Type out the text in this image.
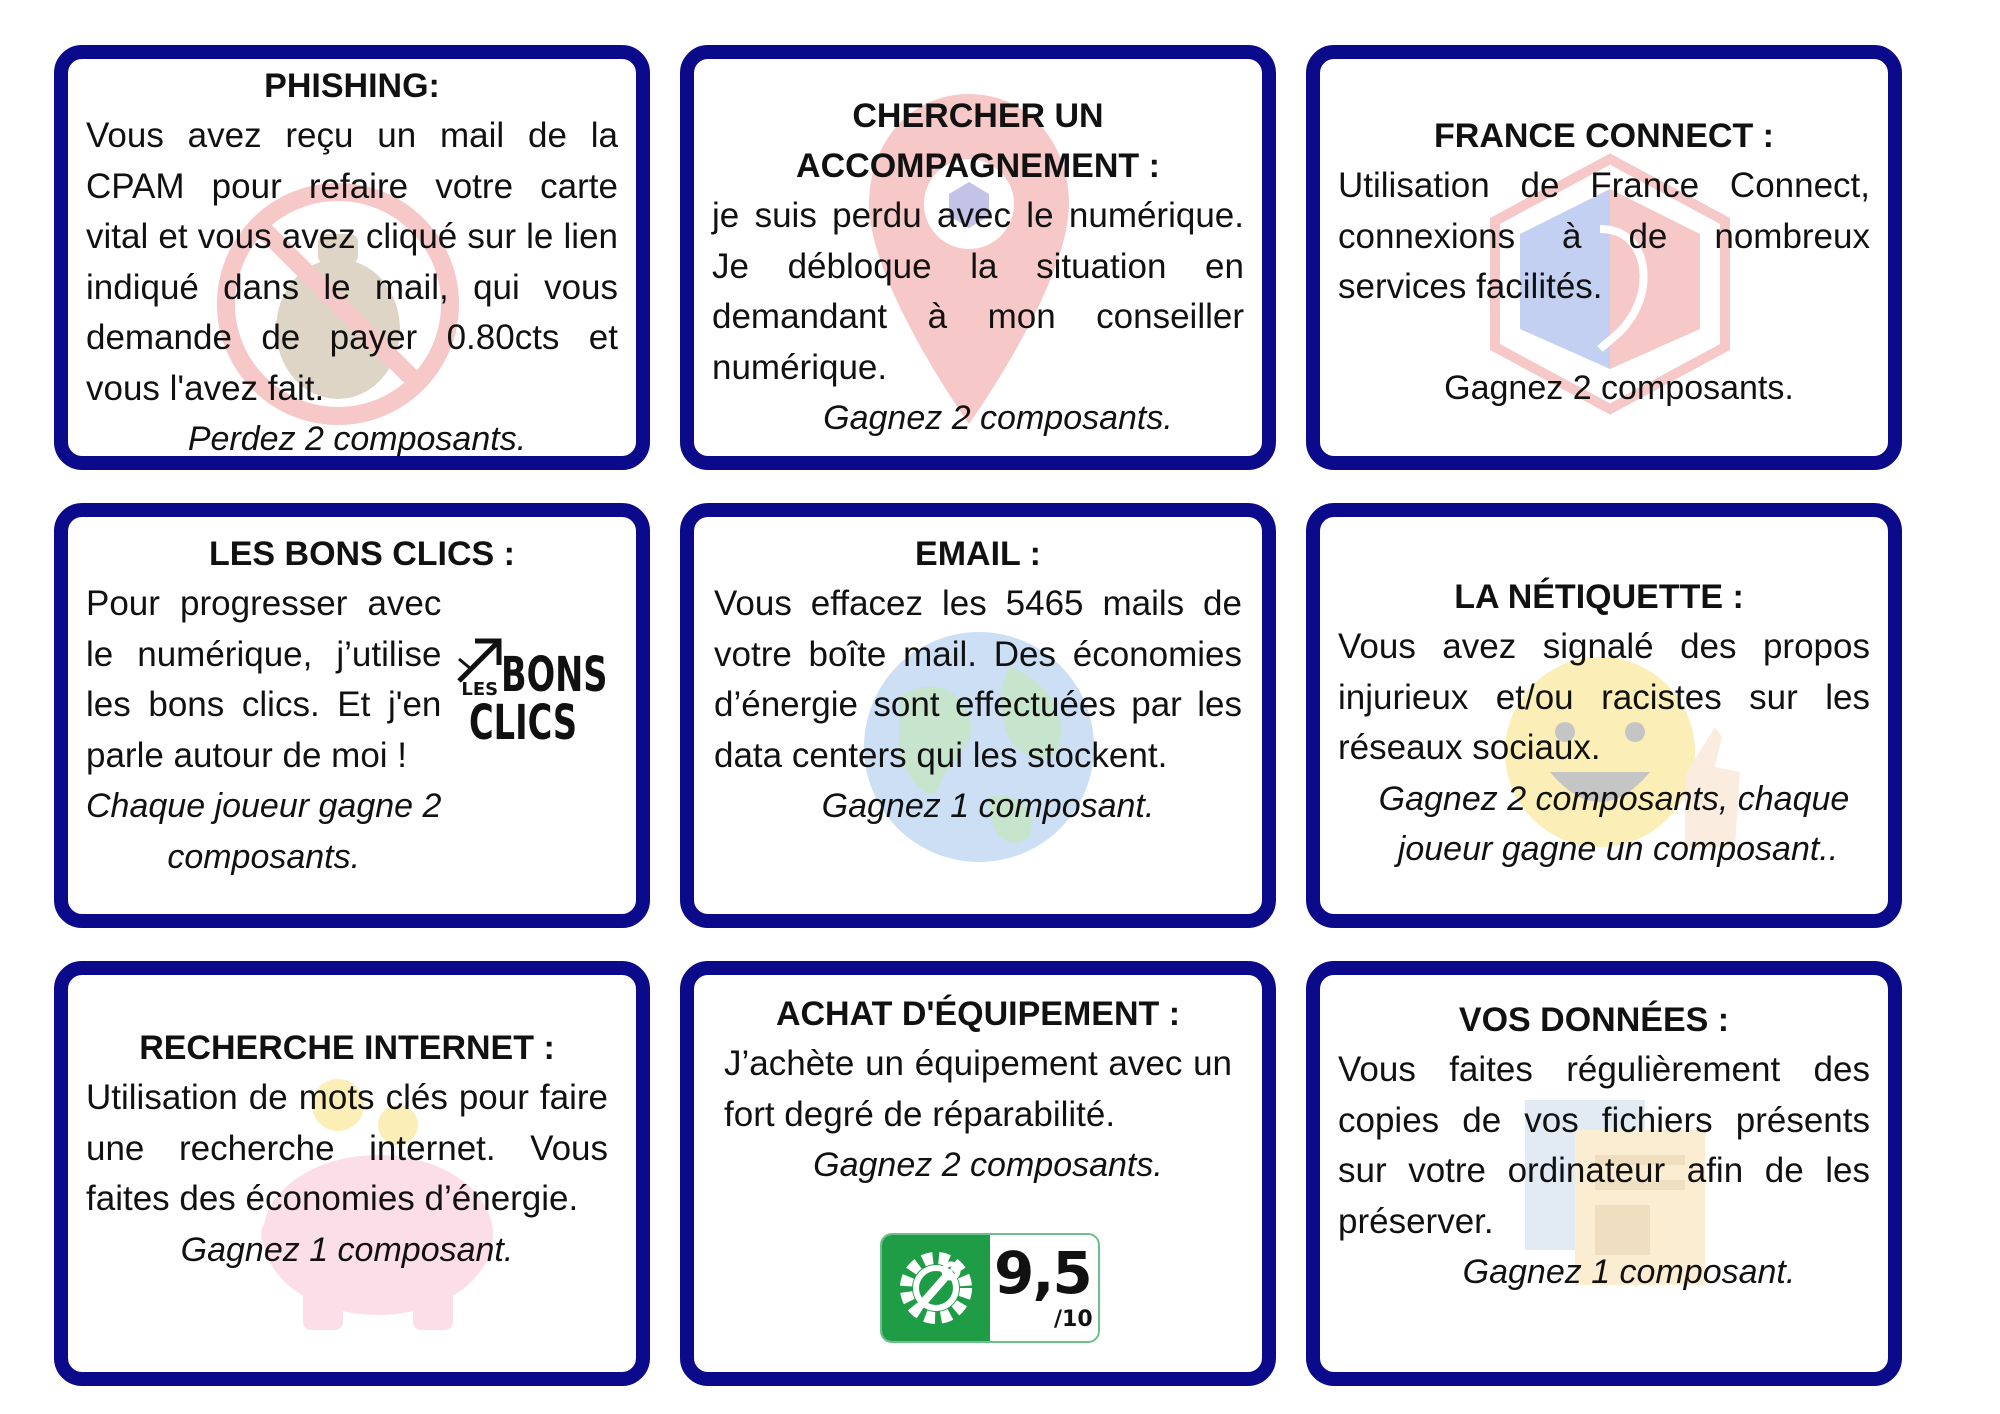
PHISHING:
Vous avez reçu un mail de la CPAM pour refaire votre carte vital et vous avez cliqué sur le lien indiqué dans le mail, qui vous demande de payer 0.80cts et vous l'avez fait.
Perdez 2 composants.
CHERCHER UN
ACCOMPAGNEMENT :
je suis perdu avec le numérique. Je débloque la situation en demandant à mon conseiller numérique.
Gagnez 2 composants.
FRANCE CONNECT :
Utilisation de France Connect, connexions à de nombreux services facilités.
Gagnez 2 composants.
LES BONS CLICS :
Pour progresser avec le numérique, j’utilise les bons clics. Et j'en parle autour de moi !
Chaque joueur gagne 2
composants.
LES BONS
CLICS
EMAIL :
Vous effacez les 5465 mails de votre boîte mail. Des économies d’énergie sont effectuées par les data centers qui les stockent.
Gagnez 1 composant.
LA NÉTIQUETTE :
Vous avez signalé des propos injurieux et/ou racistes sur les réseaux sociaux.
Gagnez 2 composants, chaque
joueur gagne un composant..
RECHERCHE INTERNET :
Utilisation de mots clés pour faire une recherche internet. Vous faites des économies d’énergie.
Gagnez 1 composant.
ACHAT D'ÉQUIPEMENT :
J’achète un équipement avec un fort degré de réparabilité.
Gagnez 2 composants.
9,5
/10
VOS DONNÉES :
Vous faites régulièrement des copies de vos fichiers présents sur votre ordinateur afin de les préserver.
Gagnez 1 composant.
